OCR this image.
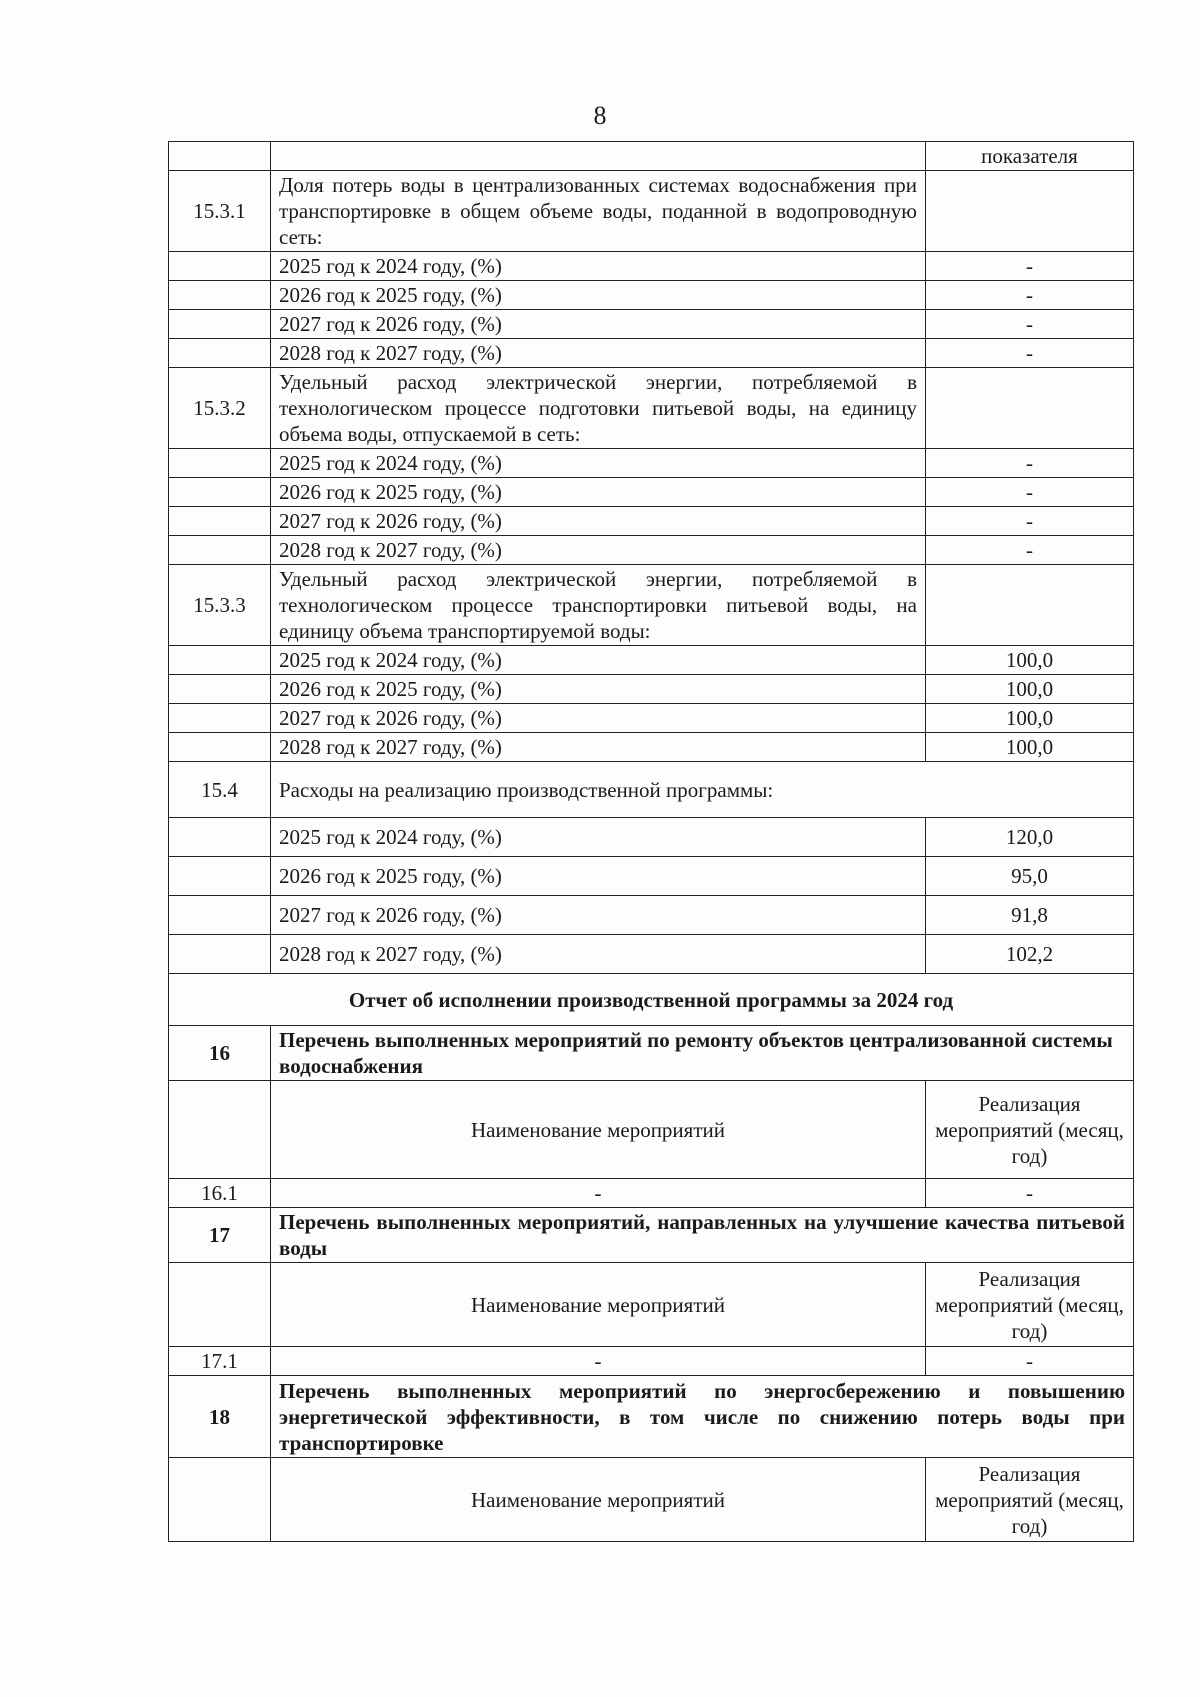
8
		показателя
15.3.1	Доля потерь воды в централизованных системах водоснабжения при транспортировке в общем объеме воды, поданной в водопроводную сеть:	
	2025 год к 2024 году, (%)	-
	2026 год к 2025 году, (%)	-
	2027 год к 2026 году, (%)	-
	2028 год к 2027 году, (%)	-
15.3.2	Удельный расход электрической энергии, потребляемой в технологическом процессе подготовки питьевой воды, на единицу объема воды, отпускаемой в сеть:	
	2025 год к 2024 году, (%)	-
	2026 год к 2025 году, (%)	-
	2027 год к 2026 году, (%)	-
	2028 год к 2027 году, (%)	-
15.3.3	Удельный расход электрической энергии, потребляемой в технологическом процессе транспортировки питьевой воды, на единицу объема транспортируемой воды:	
	2025 год к 2024 году, (%)	100,0
	2026 год к 2025 году, (%)	100,0
	2027 год к 2026 году, (%)	100,0
	2028 год к 2027 году, (%)	100,0
15.4	Расходы на реализацию производственной программы:	
	2025 год к 2024 году, (%)	120,0
	2026 год к 2025 году, (%)	95,0
	2027 год к 2026 году, (%)	91,8
	2028 год к 2027 году, (%)	102,2
Отчет об исполнении производственной программы за 2024 год		
16	Перечень выполненных мероприятий по ремонту объектов централизованной системы водоснабжения	
	Наименование мероприятий	Реализация мероприятий (месяц, год)
16.1	-	-
17	Перечень выполненных мероприятий, направленных на улучшение качества питьевой воды	
	Наименование мероприятий	Реализация мероприятий (месяц, год)
17.1	-	-
18	Перечень выполненных мероприятий по энергосбережению и повышению энергетической эффективности, в том числе по снижению потерь воды при транспортировке	
	Наименование мероприятий	Реализация мероприятий (месяц, год)
